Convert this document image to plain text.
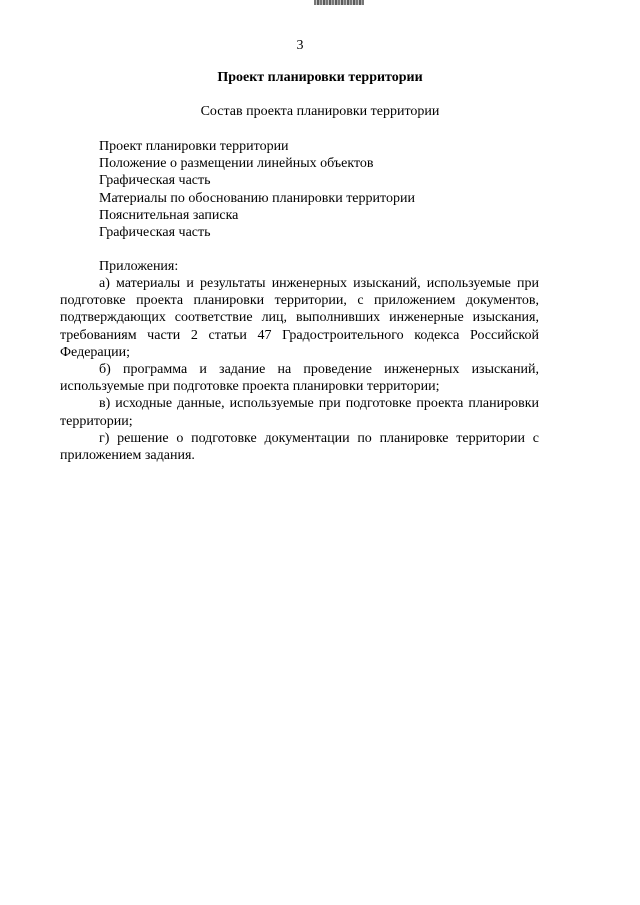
3
Проект планировки территории
Состав проекта планировки территории
Проект планировки территории
Положение о размещении линейных объектов
Графическая часть
Материалы по обоснованию планировки территории
Пояснительная записка
Графическая часть
Приложения:

а) материалы и результаты инженерных изысканий, используемые при подготовке проекта планировки территории, с приложением документов, подтверждающих соответствие лиц, выполнивших инженерные изыскания, требованиям части 2 статьи 47 Градостроительного кодекса Российской Федерации;

б) программа и задание на проведение инженерных изысканий, используемые при подготовке проекта планировки территории;

в) исходные данные, используемые при подготовке проекта планировки территории;

г) решение о подготовке документации по планировке территории с приложением задания.
